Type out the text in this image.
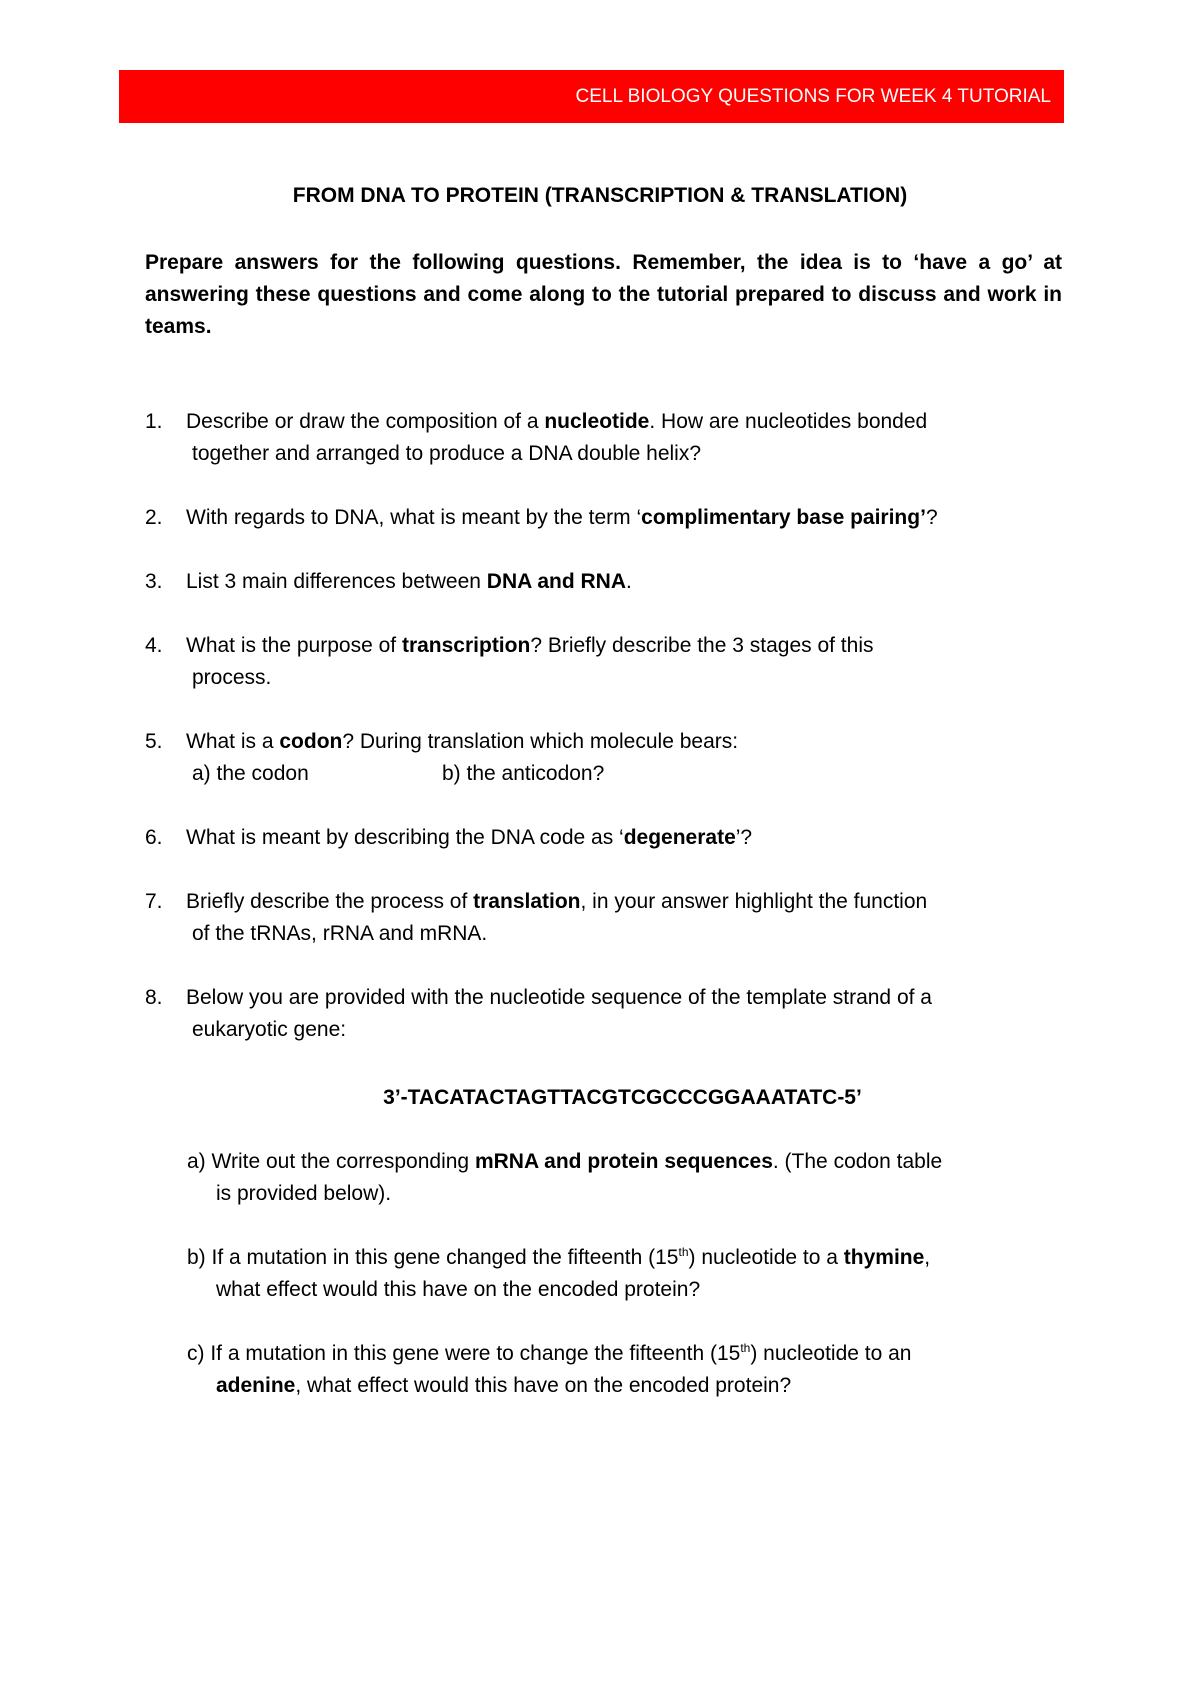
CELL BIOLOGY QUESTIONS FOR WEEK 4 TUTORIAL
FROM DNA TO PROTEIN (TRANSCRIPTION & TRANSLATION)
Prepare answers for the following questions. Remember, the idea is to ‘have a go’ at answering these questions and come along to the tutorial prepared to discuss and work in teams.
1. Describe or draw the composition of a nucleotide. How are nucleotides bonded
together and arranged to produce a DNA double helix?
2. With regards to DNA, what is meant by the term ‘complimentary base pairing’?
3. List 3 main differences between DNA and RNA.
4. What is the purpose of transcription? Briefly describe the 3 stages of this
process.
5. What is a codon? During translation which molecule bears:
a) the codon	b) the anticodon?
6. What is meant by describing the DNA code as ‘degenerate’?
7. Briefly describe the process of translation, in your answer highlight the function
of the tRNAs, rRNA and mRNA.
8. Below you are provided with the nucleotide sequence of the template strand of a
eukaryotic gene:
3’-TACATACTAGTTACGTCGCCCGGAAATATC-5’
a) Write out the corresponding mRNA and protein sequences. (The codon table
is provided below).
b) If a mutation in this gene changed the fifteenth (15th) nucleotide to a thymine,
what effect would this have on the encoded protein?
c) If a mutation in this gene were to change the fifteenth (15th) nucleotide to an
adenine, what effect would this have on the encoded protein?
